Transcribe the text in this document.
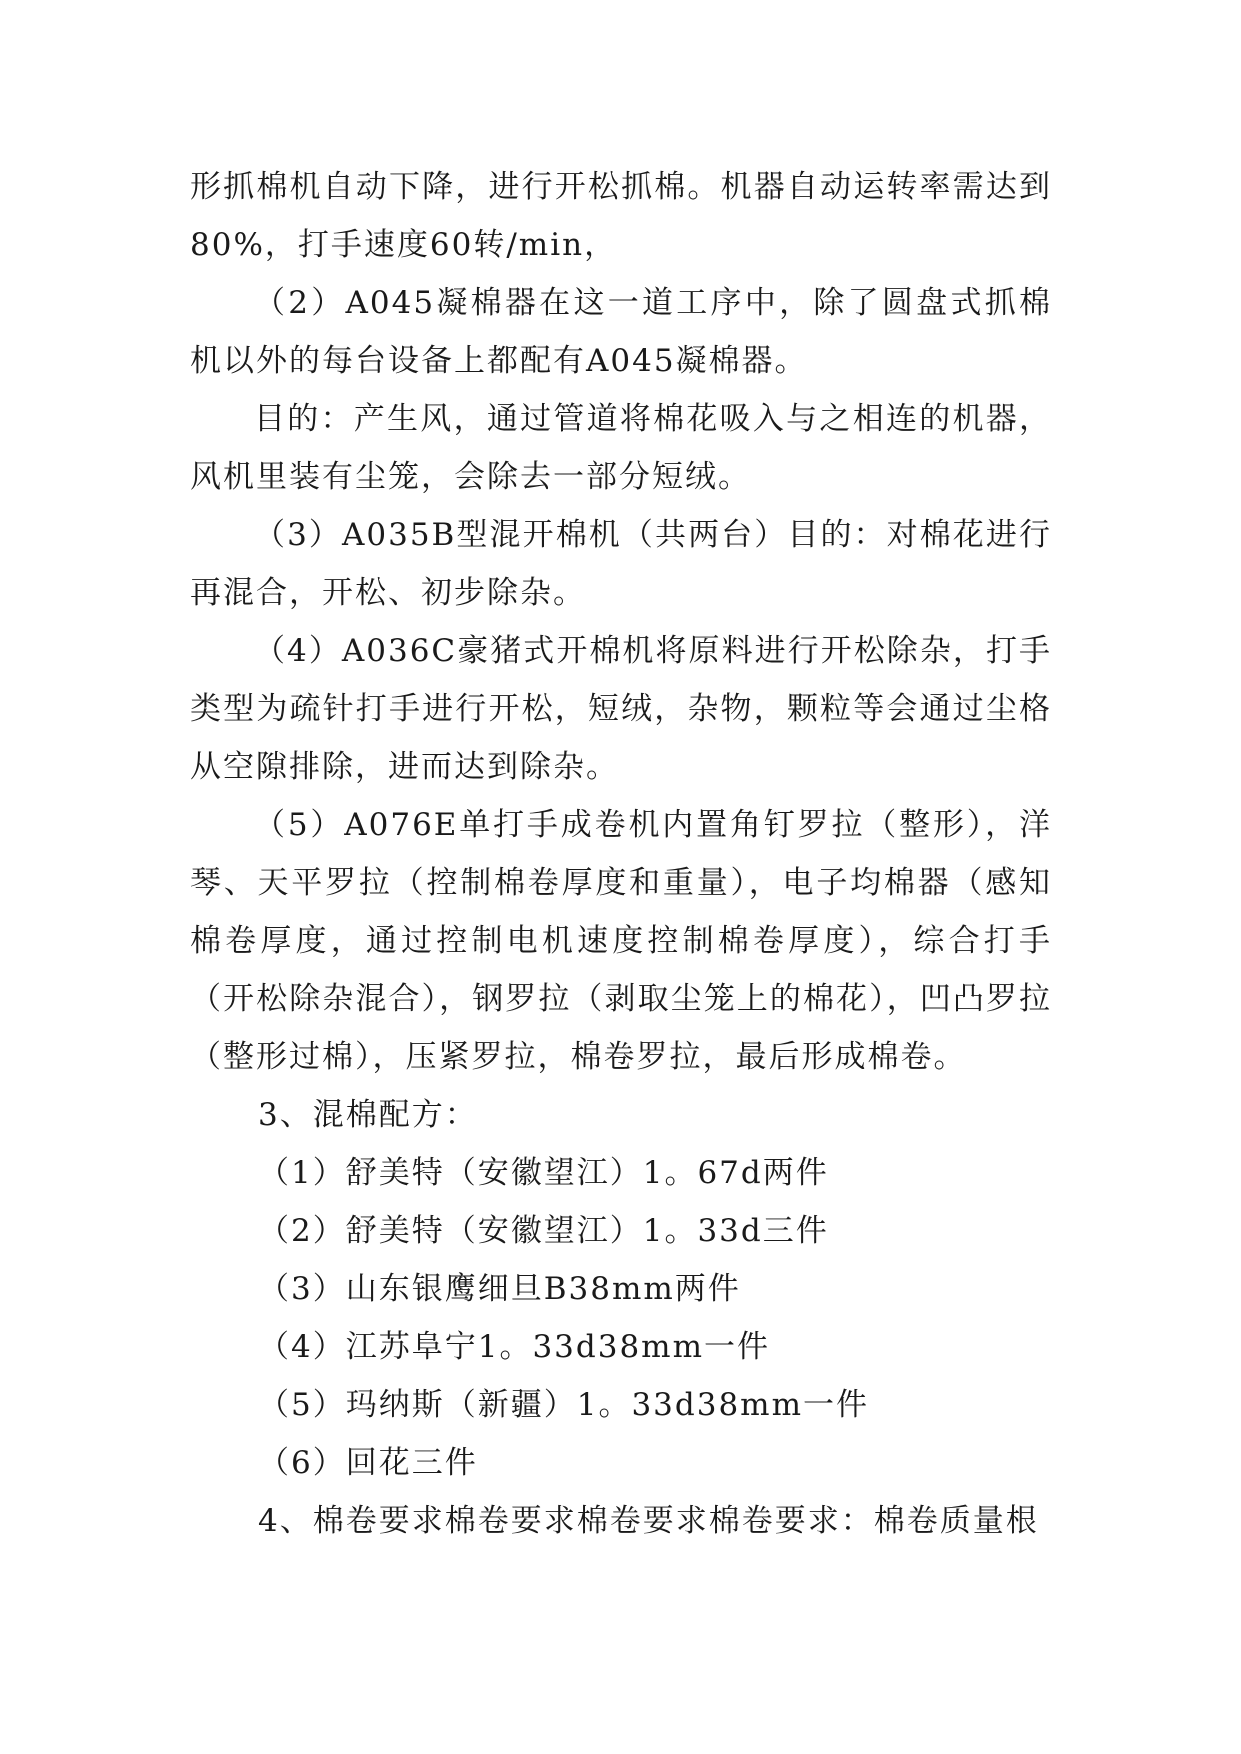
形抓棉机自动下降，进行开松抓棉。机器自动运转率需达到80%，打手速度60转/min，

（2）A045凝棉器在这一道工序中，除了圆盘式抓棉机以外的每台设备上都配有A045凝棉器。

目的：产生风，通过管道将棉花吸入与之相连的机器，风机里装有尘笼，会除去一部分短绒。

（3）A035B型混开棉机（共两台）目的：对棉花进行再混合，开松、初步除杂。

（4）A036C豪猪式开棉机将原料进行开松除杂，打手类型为疏针打手进行开松，短绒，杂物，颗粒等会通过尘格从空隙排除，进而达到除杂。

（5）A076E单打手成卷机内置角钉罗拉（整形），洋琴、天平罗拉（控制棉卷厚度和重量），电子均棉器（感知棉卷厚度，通过控制电机速度控制棉卷厚度），综合打手（开松除杂混合），钢罗拉（剥取尘笼上的棉花），凹凸罗拉（整形过棉），压紧罗拉，棉卷罗拉，最后形成棉卷。

3、混棉配方：

（1）舒美特（安徽望江）1。67d两件

（2）舒美特（安徽望江）1。33d三件

（3）山东银鹰细旦B38mm两件

（4）江苏阜宁1。33d38mm一件

（5）玛纳斯（新疆）1。33d38mm一件

（6）回花三件

4、棉卷要求棉卷要求棉卷要求棉卷要求：棉卷质量根
